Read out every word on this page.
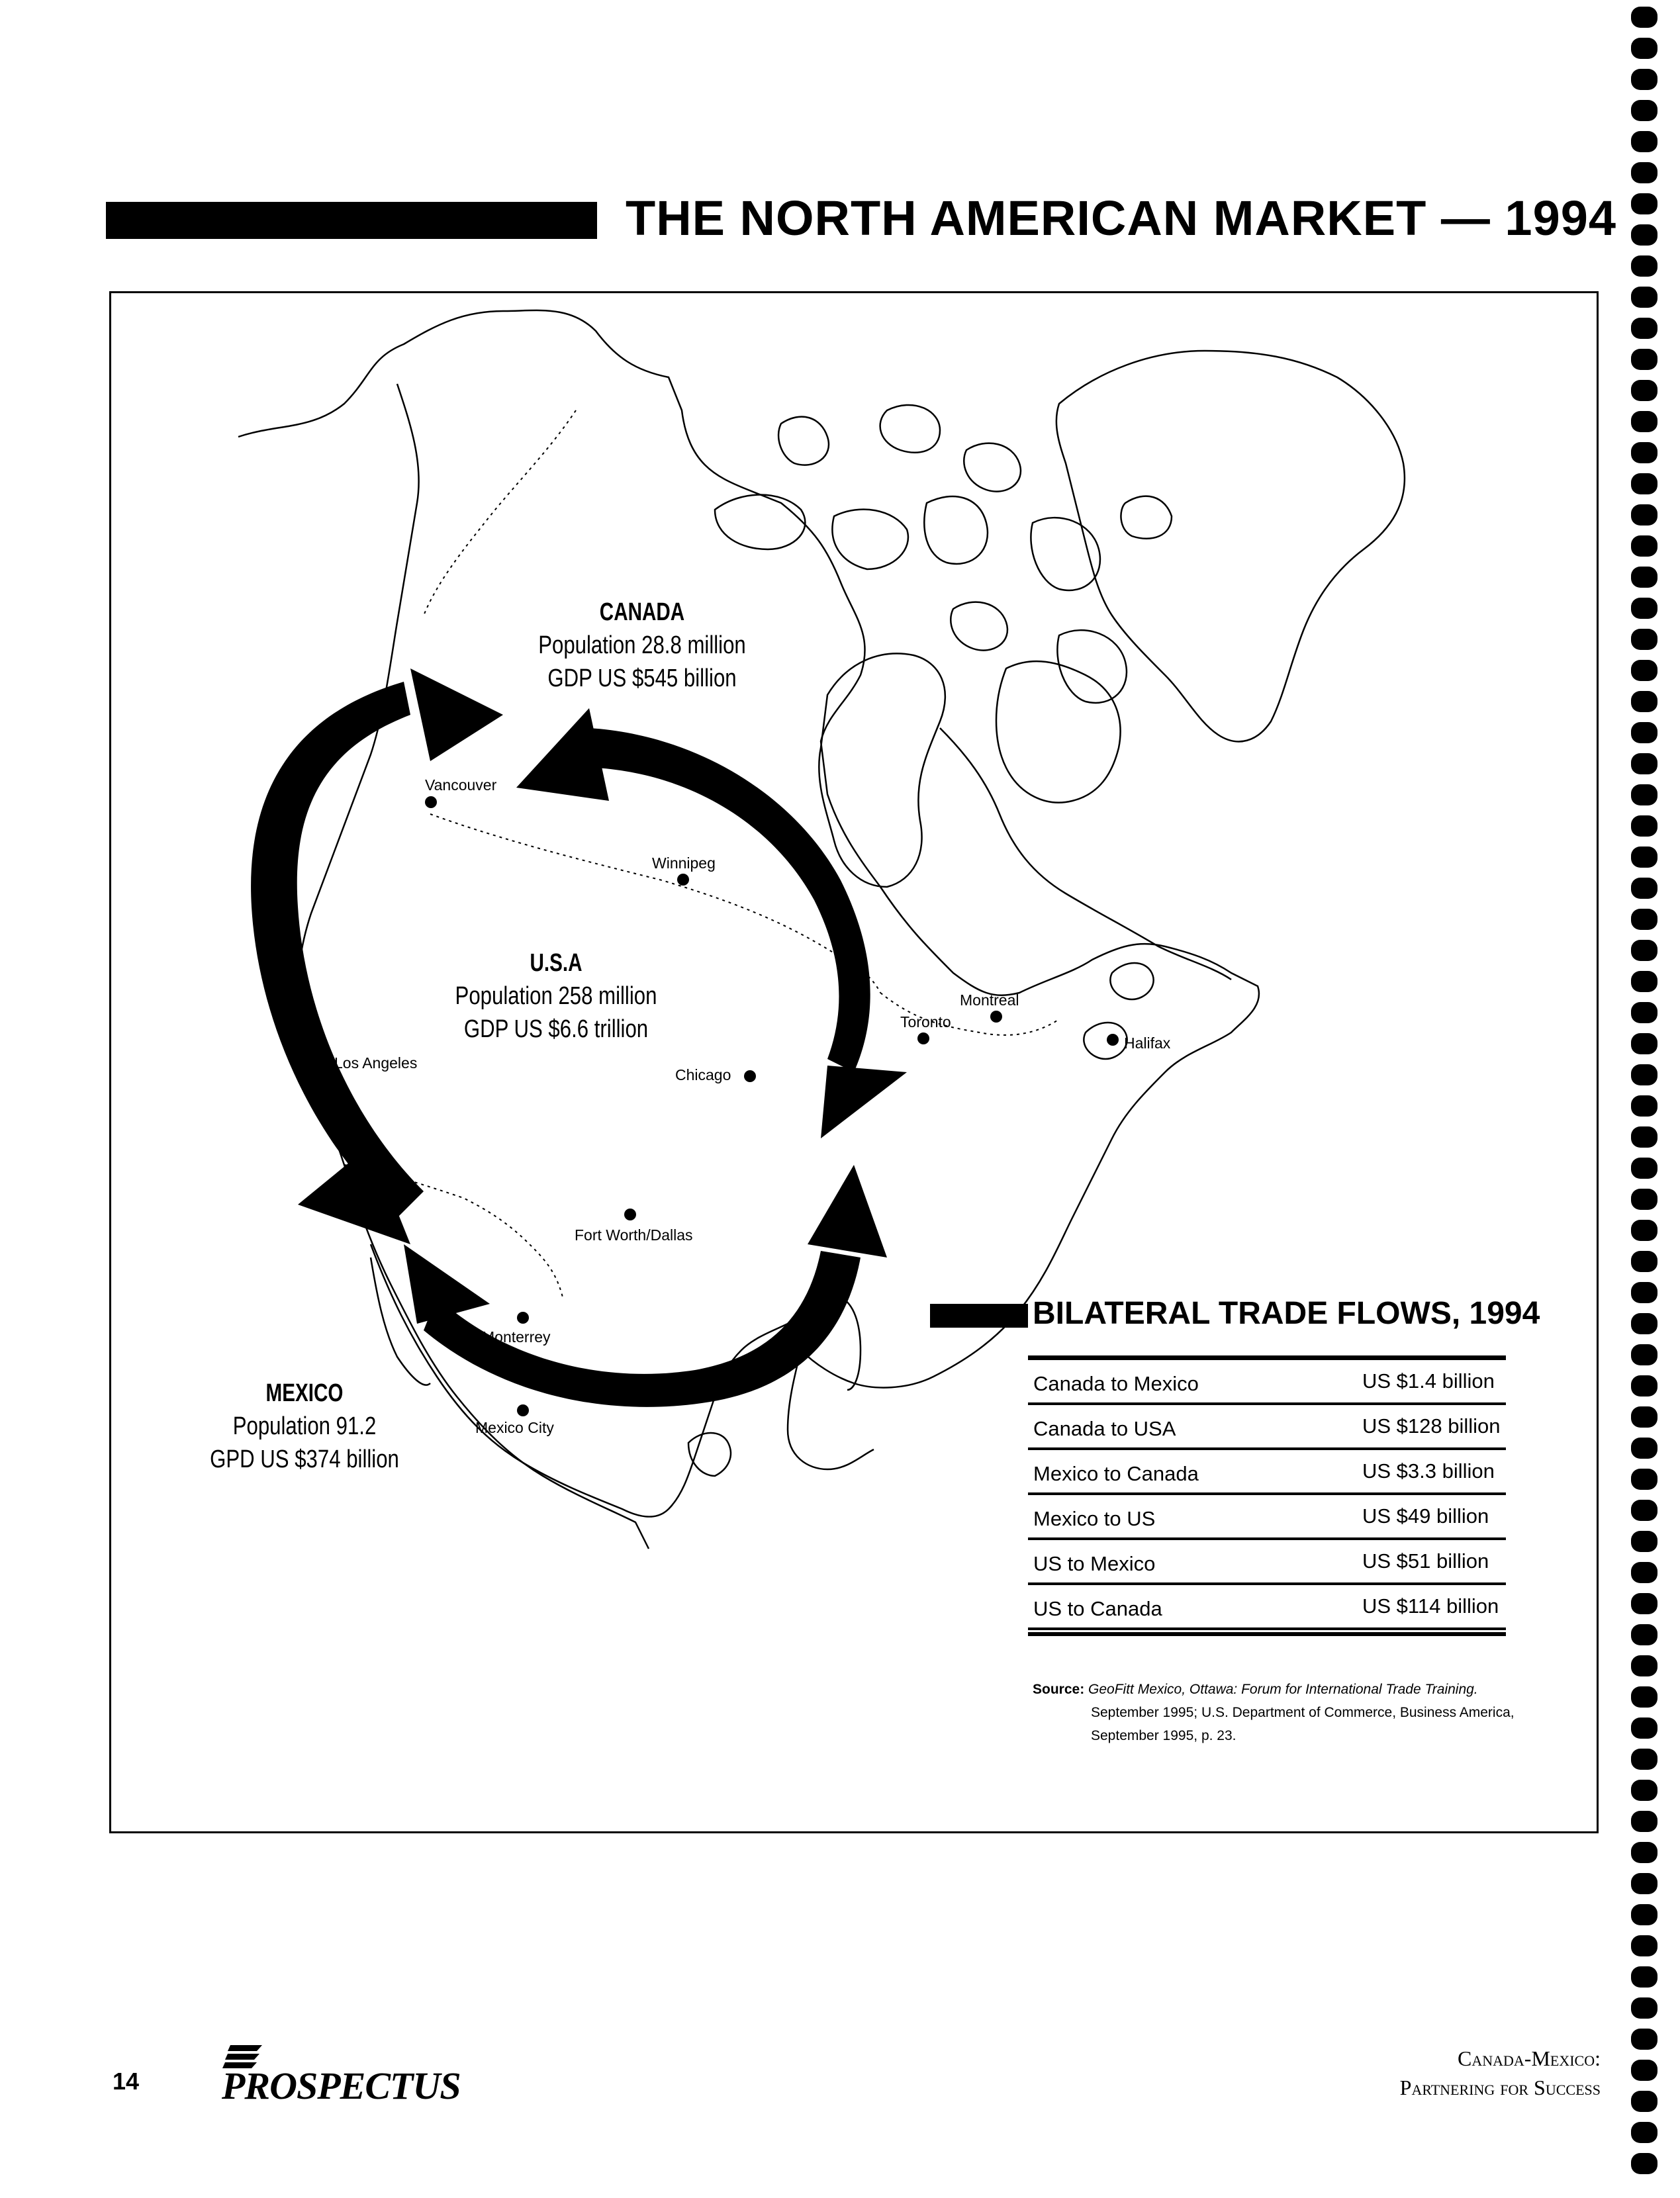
THE NORTH AMERICAN MARKET — 1994
CANADA
Population 28.8 million
GDP US $545 billion
U.S.A
Population 258 million
GDP US $6.6 trillion
MEXICO
Population 91.2
GPD US $374 billion
Vancouver
Winnipeg
Montreal
Toronto
Halifax
Los Angeles
Chicago
Fort Worth/Dallas
Monterrey
Mexico City
BILATERAL TRADE FLOWS, 1994
Canada to Mexico	US $1.4 billion
Canada to USA	US $128 billion
Mexico to Canada	US $3.3 billion
Mexico to US	US $49 billion
US to Mexico	US $51 billion
US to Canada	US $114 billion
Source: GeoFitt Mexico, Ottawa: Forum for International Trade Training.
September 1995; U.S. Department of Commerce, Business America,
September 1995, p. 23.
14 PROSPECTUS
Canada-Mexico:
Partnering for Success
